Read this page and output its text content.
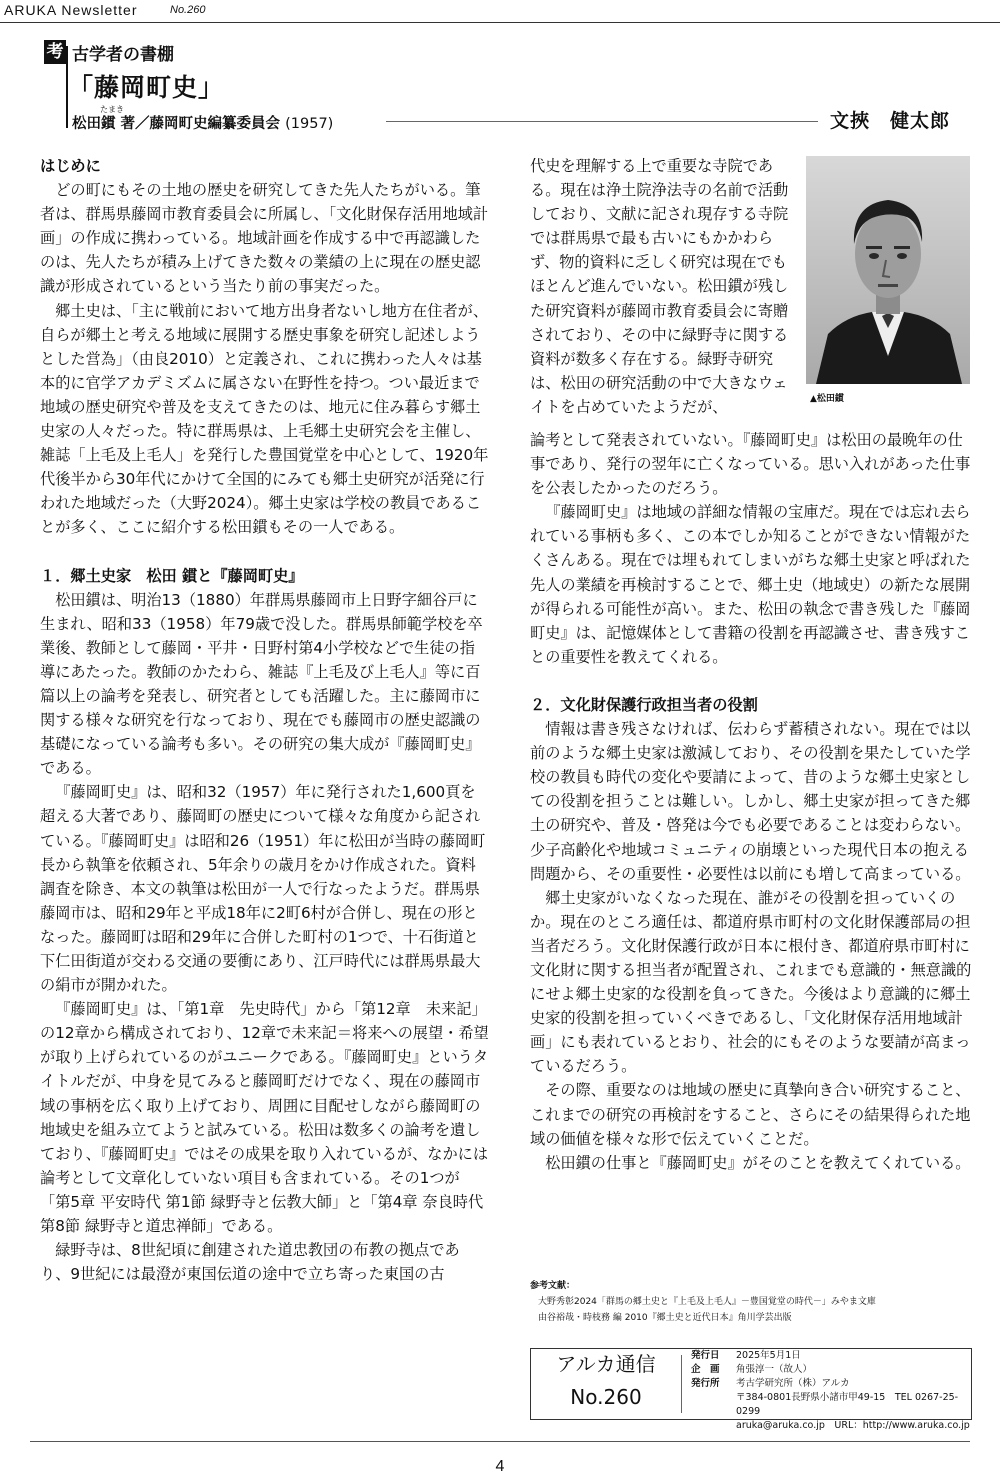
ARUKA Newsletter	No.260
考 古学者の書棚
「藤岡町史」
たまき
松田鏆 著／藤岡町史編纂委員会 (1957)	文挾　健太郎
はじめに

どの町にもその土地の歴史を研究してきた先人たちがいる。筆者は、群馬県藤岡市教育委員会に所属し、「文化財保存活用地域計画」の作成に携わっている。地域計画を作成する中で再認識したのは、先人たちが積み上げてきた数々の業績の上に現在の歴史認識が形成されているという当たり前の事実だった。

郷土史は、「主に戦前において地方出身者ないし地方在住者が、自らが郷土と考える地域に展開する歴史事象を研究し記述しようとした営為」（由良2010）と定義され、これに携わった人々は基本的に官学アカデミズムに属さない在野性を持つ。つい最近まで地域の歴史研究や普及を支えてきたのは、地元に住み暮らす郷土史家の人々だった。特に群馬県は、上毛郷土史研究会を主催し、雑誌「上毛及上毛人」を発行した豊国覚堂を中心として、1920年代後半から30年代にかけて全国的にみても郷土史研究が活発に行われた地域だった（大野2024）。郷土史家は学校の教員であることが多く、ここに紹介する松田鏆もその一人である。

１．郷土史家　松田 鏆と『藤岡町史』

松田鏆は、明治13（1880）年群馬県藤岡市上日野字細谷戸に生まれ、昭和33（1958）年79歳で没した。群馬県師範学校を卒業後、教師として藤岡・平井・日野村第4小学校などで生徒の指導にあたった。教師のかたわら、雑誌『上毛及び上毛人』等に百篇以上の論考を発表し、研究者としても活躍した。主に藤岡市に関する様々な研究を行なっており、現在でも藤岡市の歴史認識の基礎になっている論考も多い。その研究の集大成が『藤岡町史』である。

『藤岡町史』は、昭和32（1957）年に発行された1,600頁を超える大著であり、藤岡町の歴史について様々な角度から記されている。『藤岡町史』は昭和26（1951）年に松田が当時の藤岡町長から執筆を依頼され、5年余りの歳月をかけ作成された。資料調査を除き、本文の執筆は松田が一人で行なったようだ。群馬県藤岡市は、昭和29年と平成18年に2町6村が合併し、現在の形となった。藤岡町は昭和29年に合併した町村の1つで、十石街道と下仁田街道が交わる交通の要衝にあり、江戸時代には群馬県最大の絹市が開かれた。

『藤岡町史』は、「第1章　先史時代」から「第12章　未来記」の12章から構成されており、12章で未来記＝将来への展望・希望が取り上げられているのがユニークである。『藤岡町史』というタイトルだが、中身を見てみると藤岡町だけでなく、現在の藤岡市域の事柄を広く取り上げており、周囲に目配せしながら藤岡町の地域史を組み立てようと試みている。松田は数多くの論考を遺しており、『藤岡町史』ではその成果を取り入れているが、なかには論考として文章化していない項目も含まれている。その1つが「第5章 平安時代 第1節 緑野寺と伝教大師」と「第4章 奈良時代 第8節 緑野寺と道忠禅師」である。

緑野寺は、8世紀頃に創建された道忠教団の布教の拠点であり、9世紀には最澄が東国伝道の途中で立ち寄った東国の古

代史を理解する上で重要な寺院である。現在は浄土院浄法寺の名前で活動しており、文献に記され現存する寺院では群馬県で最も古いにもかかわらず、物的資料に乏しく研究は現在でもほとんど進んでいない。松田鏆が残した研究資料が藤岡市教育委員会に寄贈されており、その中に緑野寺に関する資料が数多く存在する。緑野寺研究は、松田の研究活動の中で大きなウェイトを占めていたようだが、	▲松田鏆

論考として発表されていない。『藤岡町史』は松田の最晩年の仕事であり、発行の翌年に亡くなっている。思い入れがあった仕事を公表したかったのだろう。

『藤岡町史』は地域の詳細な情報の宝庫だ。現在では忘れ去られている事柄も多く、この本でしか知ることができない情報がたくさんある。現在では埋もれてしまいがちな郷土史家と呼ばれた先人の業績を再検討することで、郷土史（地域史）の新たな展開が得られる可能性が高い。また、松田の執念で書き残した『藤岡町史』は、記憶媒体として書籍の役割を再認識させ、書き残すことの重要性を教えてくれる。

２．文化財保護行政担当者の役割

情報は書き残さなければ、伝わらず蓄積されない。現在では以前のような郷土史家は激減しており、その役割を果たしていた学校の教員も時代の変化や要請によって、昔のような郷土史家としての役割を担うことは難しい。しかし、郷土史家が担ってきた郷土の研究や、普及・啓発は今でも必要であることは変わらない。少子高齢化や地域コミュニティの崩壊といった現代日本の抱える問題から、その重要性・必要性は以前にも増して高まっている。

郷土史家がいなくなった現在、誰がその役割を担っていくのか。現在のところ適任は、都道府県市町村の文化財保護部局の担当者だろう。文化財保護行政が日本に根付き、都道府県市町村に文化財に関する担当者が配置され、これまでも意識的・無意識的にせよ郷土史家的な役割を負ってきた。今後はより意識的に郷土史家的役割を担っていくべきであるし、「文化財保存活用地域計画」にも表れているとおり、社会的にもそのような要請が高まっているだろう。

その際、重要なのは地域の歴史に真摯向き合い研究すること、これまでの研究の再検討をすること、さらにその結果得られた地域の価値を様々な形で伝えていくことだ。

松田鏆の仕事と『藤岡町史』がそのことを教えてくれている。

参考文献：
大野秀彰2024「群馬の郷土史と『上毛及上毛人』－豊国覚堂の時代－」みやま文庫
由谷裕哉・時枝務 編 2010『郷土史と近代日本』角川学芸出版
アルカ通信
No.260
発行日 2025年5月1日
企　画 角張淳一（故人）
発行所 考古学研究所（株）アルカ
〒384-0801長野県小諸市甲49-15　TEL 0267-25-0299
aruka@aruka.co.jp　URL：http://www.aruka.co.jp
4
